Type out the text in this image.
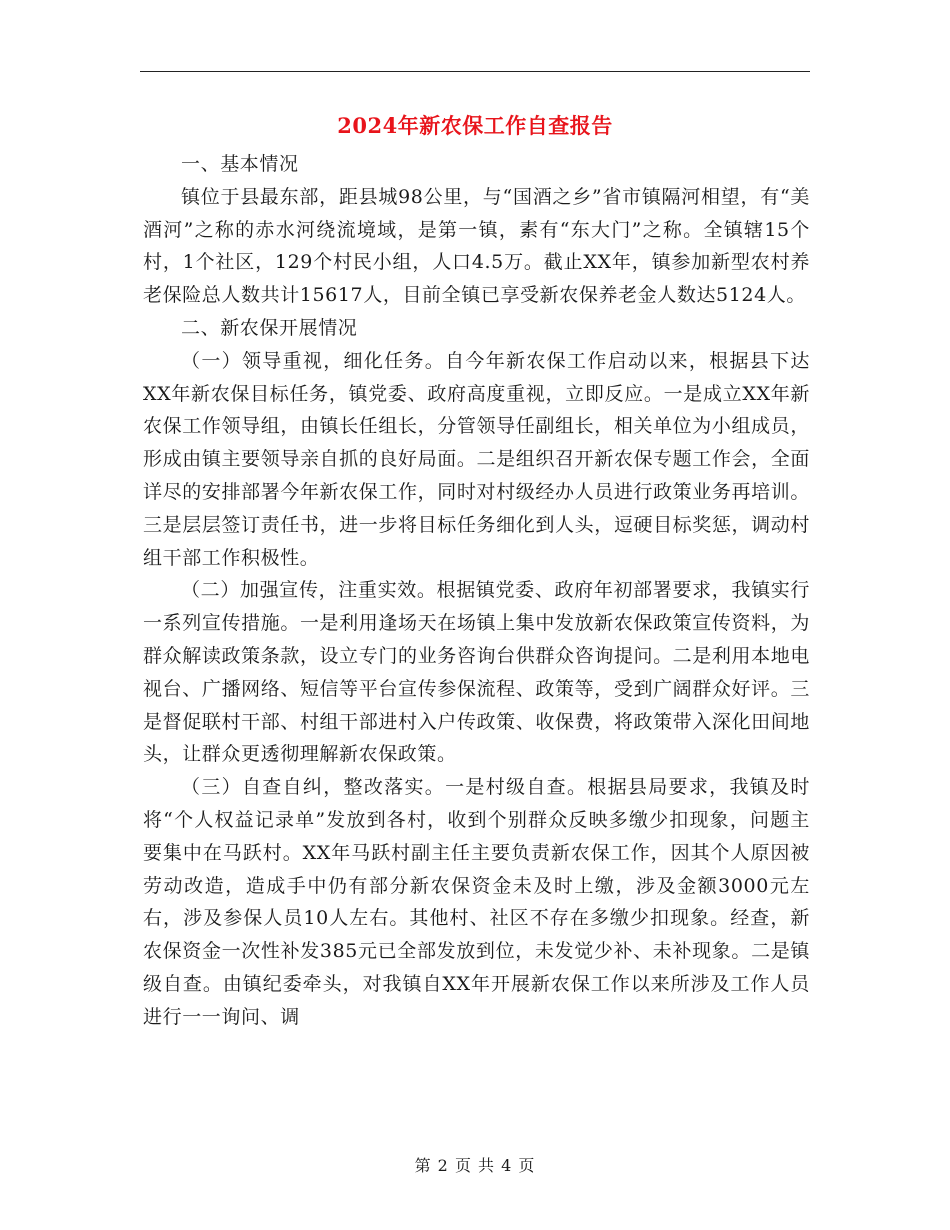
2024年新农保工作自查报告

一、基本情况

镇位于县最东部，距县城98公里，与“国酒之乡”省市镇隔河相望，有“美酒河”之称的赤水河绕流境域，是第一镇，素有“东大门”之称。全镇辖15个村，1个社区，129个村民小组，人口4.5万。截止XX年，镇参加新型农村养老保险总人数共计15617人，目前全镇已享受新农保养老金人数达5124人。

二、新农保开展情况

（一）领导重视，细化任务。自今年新农保工作启动以来，根据县下达XX年新农保目标任务，镇党委、政府高度重视，立即反应。一是成立XX年新农保工作领导组，由镇长任组长，分管领导任副组长，相关单位为小组成员，形成由镇主要领导亲自抓的良好局面。二是组织召开新农保专题工作会，全面详尽的安排部署今年新农保工作，同时对村级经办人员进行政策业务再培训。三是层层签订责任书，进一步将目标任务细化到人头，逗硬目标奖惩，调动村组干部工作积极性。

（二）加强宣传，注重实效。根据镇党委、政府年初部署要求，我镇实行一系列宣传措施。一是利用逢场天在场镇上集中发放新农保政策宣传资料，为群众解读政策条款，设立专门的业务咨询台供群众咨询提问。二是利用本地电视台、广播网络、短信等平台宣传参保流程、政策等，受到广阔群众好评。三是督促联村干部、村组干部进村入户传政策、收保费，将政策带入深化田间地头，让群众更透彻理解新农保政策。

（三）自查自纠，整改落实。一是村级自查。根据县局要求，我镇及时将“个人权益记录单”发放到各村，收到个别群众反映多缴少扣现象，问题主要集中在马跃村。XX年马跃村副主任主要负责新农保工作，因其个人原因被劳动改造，造成手中仍有部分新农保资金未及时上缴，涉及金额3000元左右，涉及参保人员10人左右。其他村、社区不存在多缴少扣现象。经查，新农保资金一次性补发385元已全部发放到位，未发觉少补、未补现象。二是镇级自查。由镇纪委牵头，对我镇自XX年开展新农保工作以来所涉及工作人员进行一一询问、调

第 2 页 共 4 页
